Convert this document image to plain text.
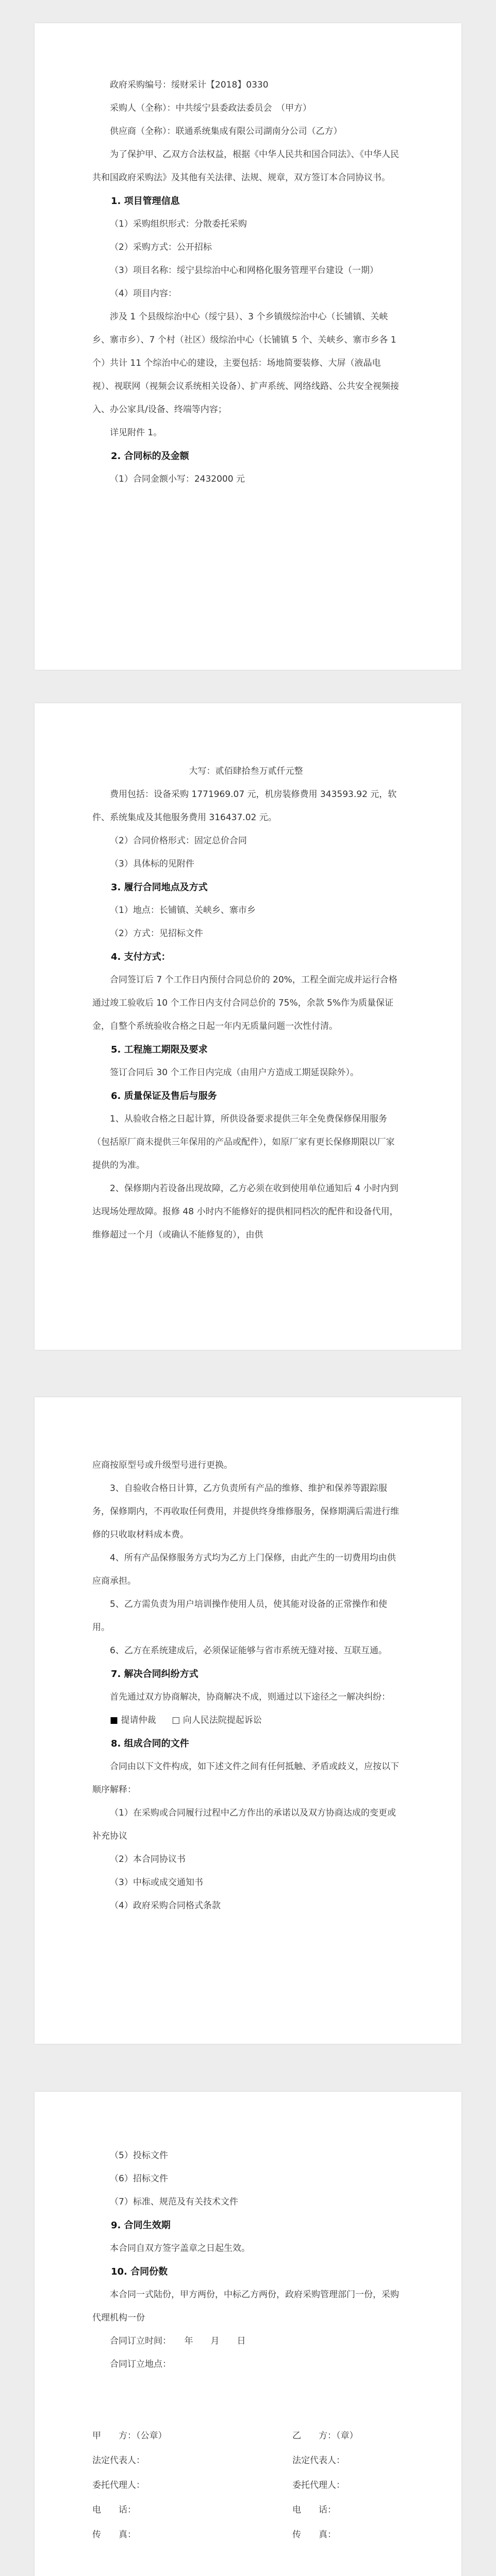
政府采购编号：绥财采计【2018】0330

采购人（全称）：中共绥宁县委政法委员会　（甲方）

供应商（全称）：联通系统集成有限公司湖南分公司（乙方）

为了保护甲、乙双方合法权益，根据《中华人民共和国合同法》、《中华人民共和国政府采购法》及其他有关法律、法规、规章，双方签订本合同协议书。

1. 项目管理信息

（1）采购组织形式：分散委托采购

（2）采购方式：公开招标

（3）项目名称：绥宁县综治中心和网格化服务管理平台建设（一期）

（4）项目内容：

涉及 1 个县级综治中心（绥宁县）、3 个乡镇级综治中心（长铺镇、关峡乡、寨市乡）、7 个村（社区）级综治中心（长铺镇 5 个、关峡乡、寨市乡各 1 个）共计 11 个综治中心的建设，主要包括：场地简要装修、大屏（液晶电视）、视联网（视频会议系统相关设备）、扩声系统、网络线路、公共安全视频接入、办公家具/设备、终端等内容；

详见附件 1。

2. 合同标的及金额

（1）合同金额小写：2432000 元

大写：贰佰肆拾叁万贰仟元整

费用包括：设备采购 1771969.07 元，机房装修费用 343593.92 元，软件、系统集成及其他服务费用 316437.02 元。

（2）合同价格形式：固定总价合同

（3）具体标的见附件

3. 履行合同地点及方式

（1）地点：长铺镇、关峡乡、寨市乡

（2）方式：见招标文件

4. 支付方式：

合同签订后 7 个工作日内预付合同总价的 20%，工程全面完成并运行合格通过竣工验收后 10 个工作日内支付合同总价的 75%，余款 5%作为质量保证金，自整个系统验收合格之日起一年内无质量问题一次性付清。

5. 工程施工期限及要求

签订合同后 30 个工作日内完成（由用户方造成工期延误除外）。

6. 质量保证及售后与服务

1、从验收合格之日起计算，所供设备要求提供三年全免费保修保用服务（包括原厂商未提供三年保用的产品或配件），如原厂家有更长保修期限以厂家提供的为准。

2、保修期内若设备出现故障，乙方必须在收到使用单位通知后 4 小时内到达现场处理故障。报修 48 小时内不能修好的提供相同档次的配件和设备代用，维修超过一个月（或确认不能修复的），由供

应商按原型号或升级型号进行更换。

3、自验收合格日计算，乙方负责所有产品的维修、维护和保养等跟踪服务，保修期内，不再收取任何费用，并提供终身维修服务，保修期满后需进行维修的只收取材料成本费。

4、所有产品保修服务方式均为乙方上门保修，由此产生的一切费用均由供应商承担。

5、乙方需负责为用户培训操作使用人员，使其能对设备的正常操作和使用。

6、乙方在系统建成后，必须保证能够与省市系统无缝对接、互联互通。

7. 解决合同纠纷方式

首先通过双方协商解决，协商解决不成，则通过以下途径之一解决纠纷：

■ 提请仲裁 □ 向人民法院提起诉讼

8. 组成合同的文件

合同由以下文件构成，如下述文件之间有任何抵触、矛盾或歧义，应按以下顺序解释：

（1）在采购或合同履行过程中乙方作出的承诺以及双方协商达成的变更或补充协议

（2）本合同协议书

（3）中标或成交通知书

（4）政府采购合同格式条款

（5）投标文件

（6）招标文件

（7）标准、规范及有关技术文件

9. 合同生效期

本合同自双方签字盖章之日起生效。

10. 合同份数

本合同一式陆份，甲方两份，中标乙方两份，政府采购管理部门一份，采购代理机构一份

合同订立时间：　　年　　月　　日

合同订立地点：

甲　　方：（公章）	乙　　方：（章）
法定代表人：	法定代表人：
委托代理人：	委托代理人：
电　　话：	电　　话：
传　　真：	传　　真：
